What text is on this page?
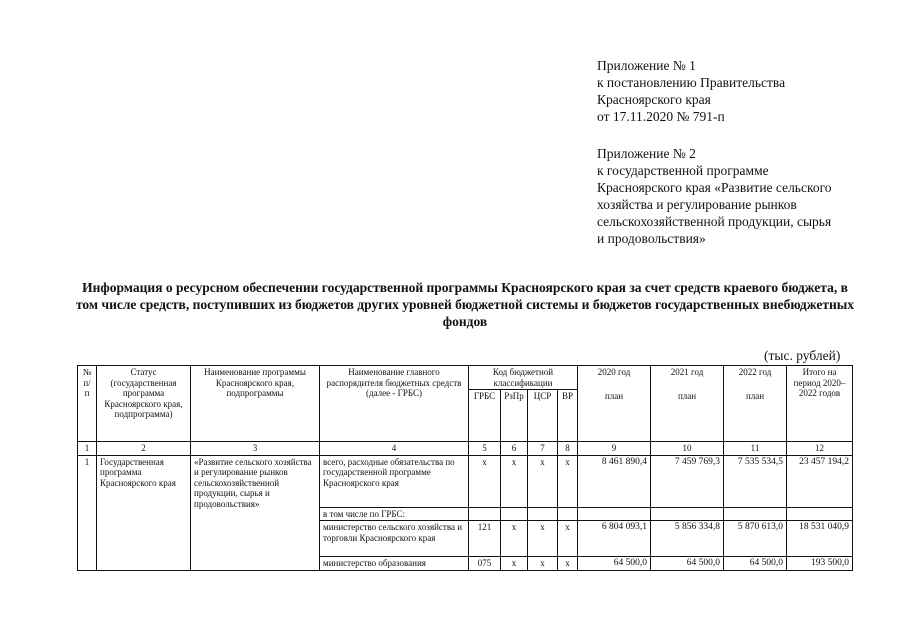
Приложение № 1
к постановлению Правительства
Красноярского края
от 17.11.2020 № 791-п
Приложение № 2
к государственной программе
Красноярского края «Развитие сельского
хозяйства и регулирование рынков
сельскохозяйственной продукции, сырья
и продовольствия»
Информация о ресурсном обеспечении государственной программы Красноярского края за счет средств краевого бюджета, в том числе средств, поступивших из бюджетов других уровней бюджетной системы и бюджетов государственных внебюджетных фондов
(тыс. рублей)
№ п/п	Статус (государственная программа Красноярского края, подпрограмма)	Наименование программы Красноярского края, подпрограммы	Наименование главного распорядителя бюджетных средств (далее - ГРБС)	Код бюджетной классификации				2020 год	2021 год	2022 год	Итого на период 2020–2022 годов
				ГРБС	РзПр	ЦСР	ВР	план	план	план	
1	2	3	4	5	6	7	8	9	10	11	12
1	Государственная программа Красноярского края	«Развитие сельского хозяйства и регулирование рынков сельскохозяйственной продукции, сырья и продовольствия»	всего, расходные обязательства по государственной программе Красноярского края	х	х	х	х	8 461 890,4	7 459 769,3	7 535 534,5	23 457 194,2
			в том числе по ГРБС:								
			министерство сельского хозяйства и торговли Красноярского края	121	х	х	х	6 804 093,1	5 856 334,8	5 870 613,0	18 531 040,9
			министерство образования	075	х	х	х	64 500,0	64 500,0	64 500,0	193 500,0
